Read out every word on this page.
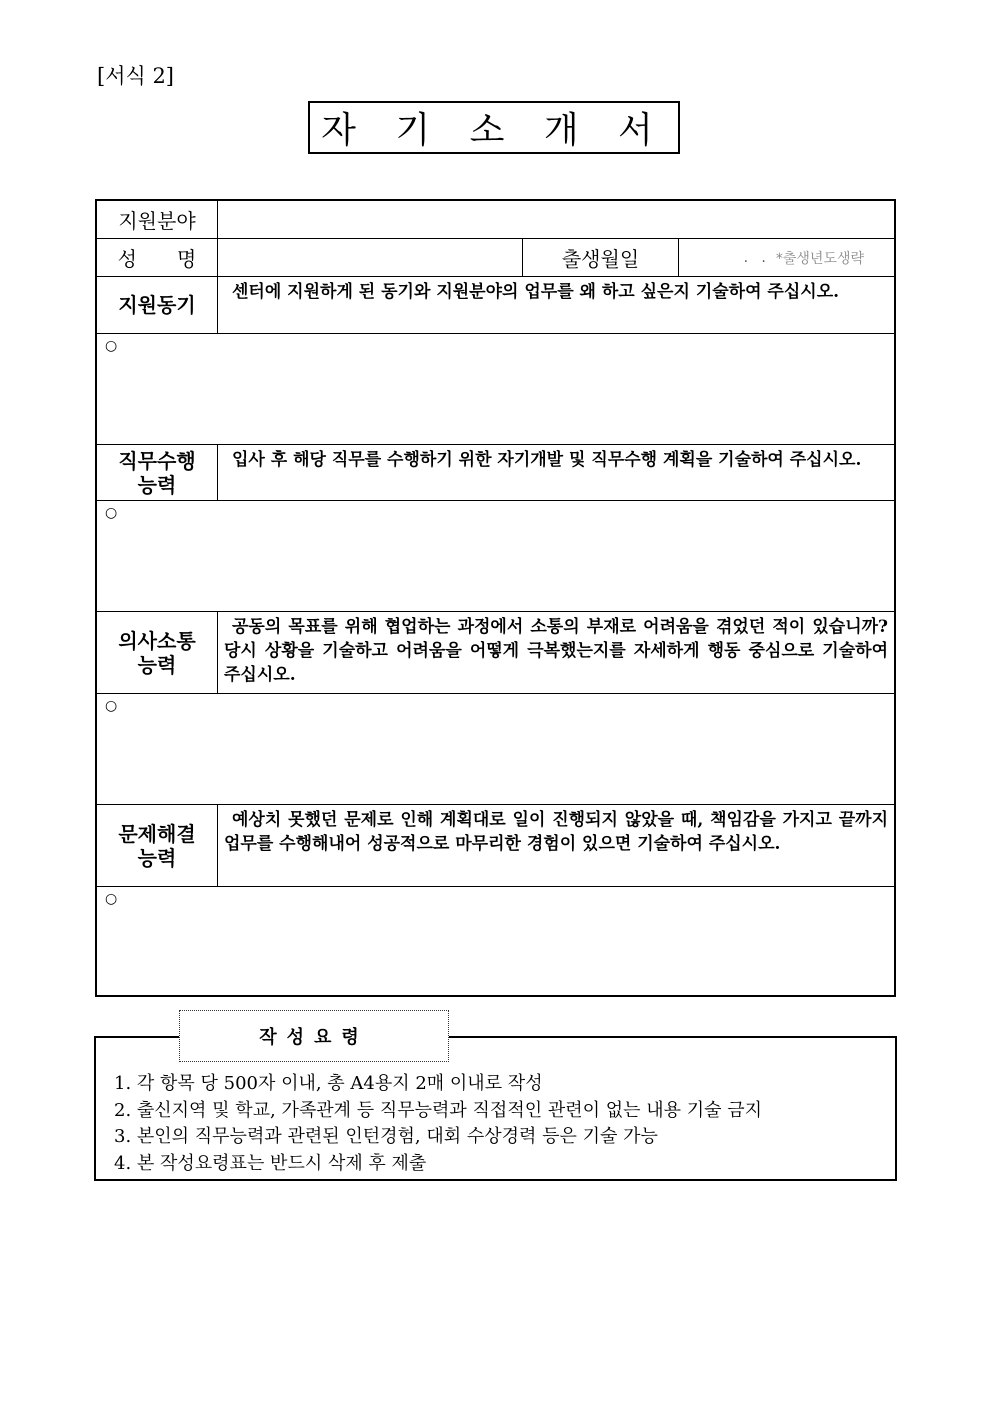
[서식 2]
자 기 소 개 서
지원분야
성　　명	출생월일	.   . *출생년도생략
지원동기
센터에 지원하게 된 동기와 지원분야의 업무를 왜 하고 싶은지 기술하여 주십시오.
○
직무수행
능력
입사 후 해당 직무를 수행하기 위한 자기개발 및 직무수행 계획을 기술하여 주십시오.
○
의사소통
능력
공동의 목표를 위해 협업하는 과정에서 소통의 부재로 어려움을 겪었던 적이 있습니까? 당시 상황을 기술하고 어려움을 어떻게 극복했는지를 자세하게 행동 중심으로 기술하여 주십시오.
○
문제해결
능력
예상치 못했던 문제로 인해 계획대로 일이 진행되지 않았을 때, 책임감을 가지고 끝까지 업무를 수행해내어 성공적으로 마무리한 경험이 있으면 기술하여 주십시오.
○
1. 각 항목 당 500자 이내, 총 A4용지 2매 이내로 작성
2. 출신지역 및 학교, 가족관계 등 직무능력과 직접적인 관련이 없는 내용 기술 금지
3. 본인의 직무능력과 관련된 인턴경험, 대회 수상경력 등은 기술 가능
4. 본 작성요령표는 반드시 삭제 후 제출
작성요령
